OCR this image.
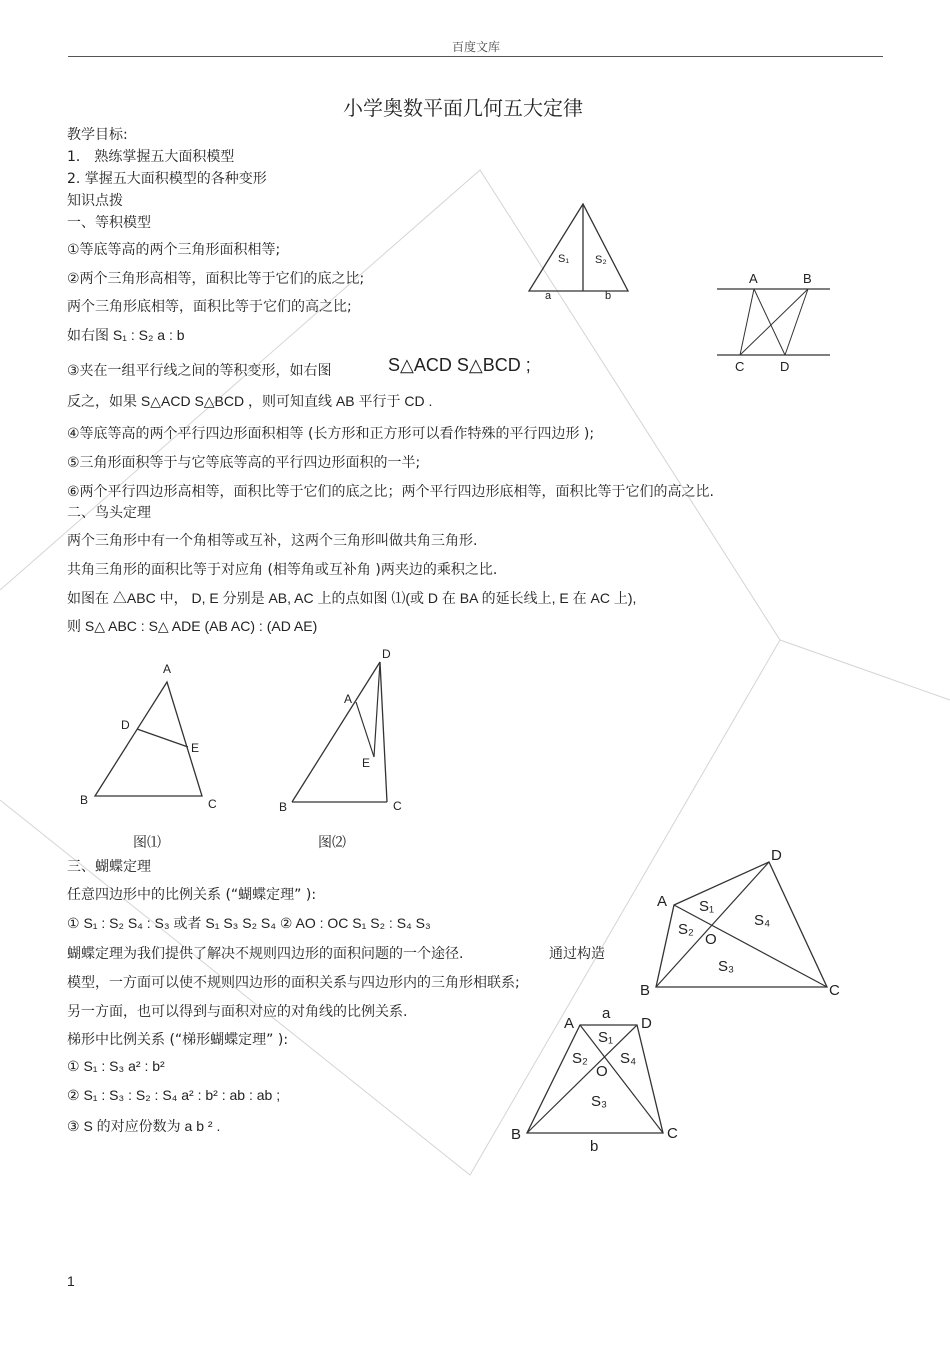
百度文库
小学奥数平面几何五大定律
教学目标:
1． 熟练掌握五大面积模型
2. 掌握五大面积模型的各种变形
知识点拨
一、等积模型
①等底等高的两个三角形面积相等;
②两个三角形高相等，面积比等于它们的底之比;
两个三角形底相等，面积比等于它们的高之比;
如右图 S₁ : S₂ a : b
③夹在一组平行线之间的等积变形，如右图	S△ACD S△BCD ;
反之，如果 S△ACD S△BCD ，则可知直线 AB 平行于 CD .
④等底等高的两个平行四边形面积相等 (长方形和正方形可以看作特殊的平行四边形 );
⑤三角形面积等于与它等底等高的平行四边形面积的一半;
⑥两个平行四边形高相等，面积比等于它们的底之比；两个平行四边形底相等，面积比等于它们的高之比.
二、鸟头定理
两个三角形中有一个角相等或互补，这两个三角形叫做共角三角形.
共角三角形的面积比等于对应角 (相等角或互补角 )两夹边的乘积之比.
如图在 △ABC 中， D, E 分别是 AB, AC 上的点如图 ⑴(或 D 在 BA 的延长线上, E 在 AC 上),
则 S△ ABC : S△ ADE (AB AC) : (AD AE)
图⑴	图⑵
三、蝴蝶定理
任意四边形中的比例关系 (“蝴蝶定理” ):
① S₁ : S₂ S₄ : S₃ 或者 S₁ S₃ S₂ S₄ ② AO : OC S₁ S₂ : S₄ S₃
蝴蝶定理为我们提供了解决不规则四边形的面积问题的一个途径.	通过构造
模型，一方面可以使不规则四边形的面积关系与四边形内的三角形相联系;
另一方面，也可以得到与面积对应的对角线的比例关系.
梯形中比例关系 (“梯形蝴蝶定理” ):
① S₁ : S₃ a² : b²
② S₁ : S₃ : S₂ : S₄ a² : b² : ab : ab ;
③ S 的对应份数为 a b ² .
1
S₁ S₂
a	b
A	B
C	D
A
D
E
B	C
D
A
E
B	C
D
A S₁
S₄
S₂
O
S₃
B	C
a
A	D
S₁
S₂ S₄
O
S₃
B	C
b
